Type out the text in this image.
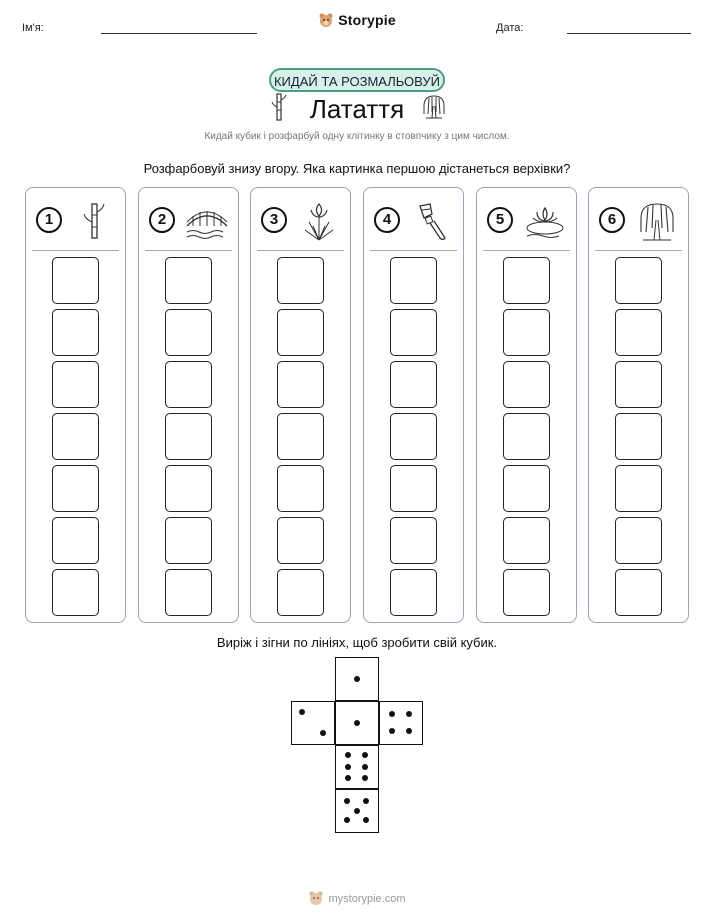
Ім'я:	Storypie	Дата:
КИДАЙ ТА РОЗМАЛЬОВУЙ
Латаття
Кидай кубик і розфарбуй одну клітинку в стовпчику з цим числом.
Розфарбовуй знизу вгору. Яка картинка першою дістанеться верхівки?
1	2	3	4	5	6
Виріж і зігни по лініях, щоб зробити свій кубик.
mystorypie.com
